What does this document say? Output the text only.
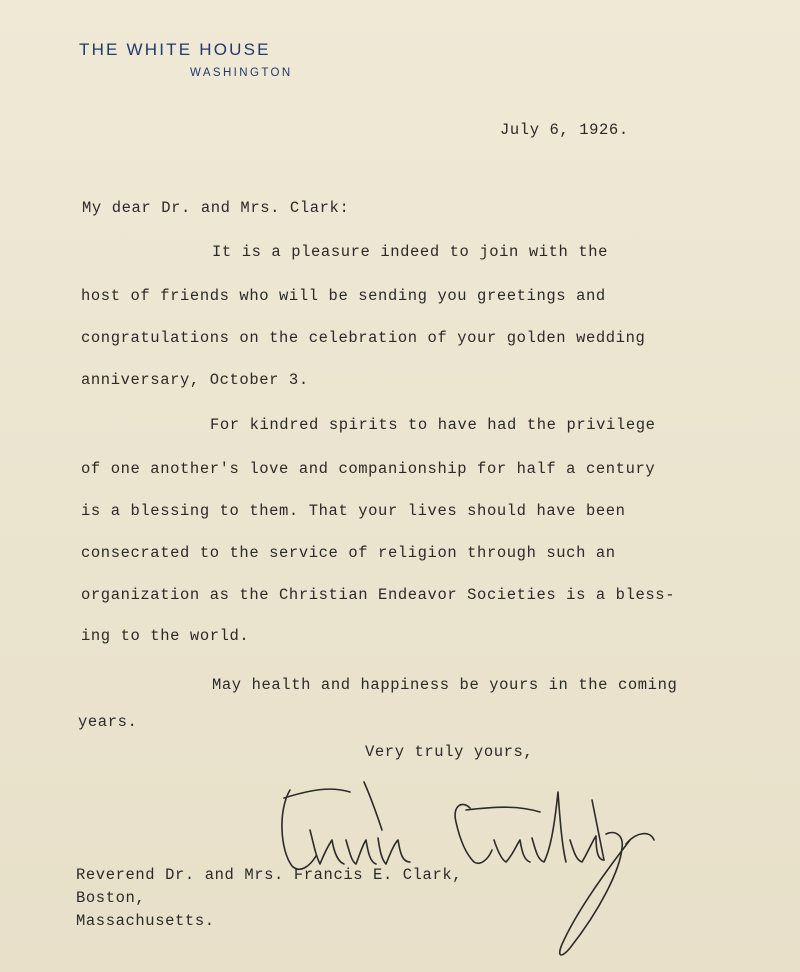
THE WHITE HOUSE
WASHINGTON
July 6, 1926.
My dear Dr. and Mrs. Clark:
It is a pleasure indeed to join with the
host of friends who will be sending you greetings and
congratulations on the celebration of your golden wedding
anniversary, October 3.
For kindred spirits to have had the privilege
of one another's love and companionship for half a century
is a blessing to them. That your lives should have been
consecrated to the service of religion through such an
organization as the Christian Endeavor Societies is a bless-
ing to the world.
May health and happiness be yours in the coming
years.
Very truly yours,
Reverend Dr. and Mrs. Francis E. Clark,
Boston,
Massachusetts.
